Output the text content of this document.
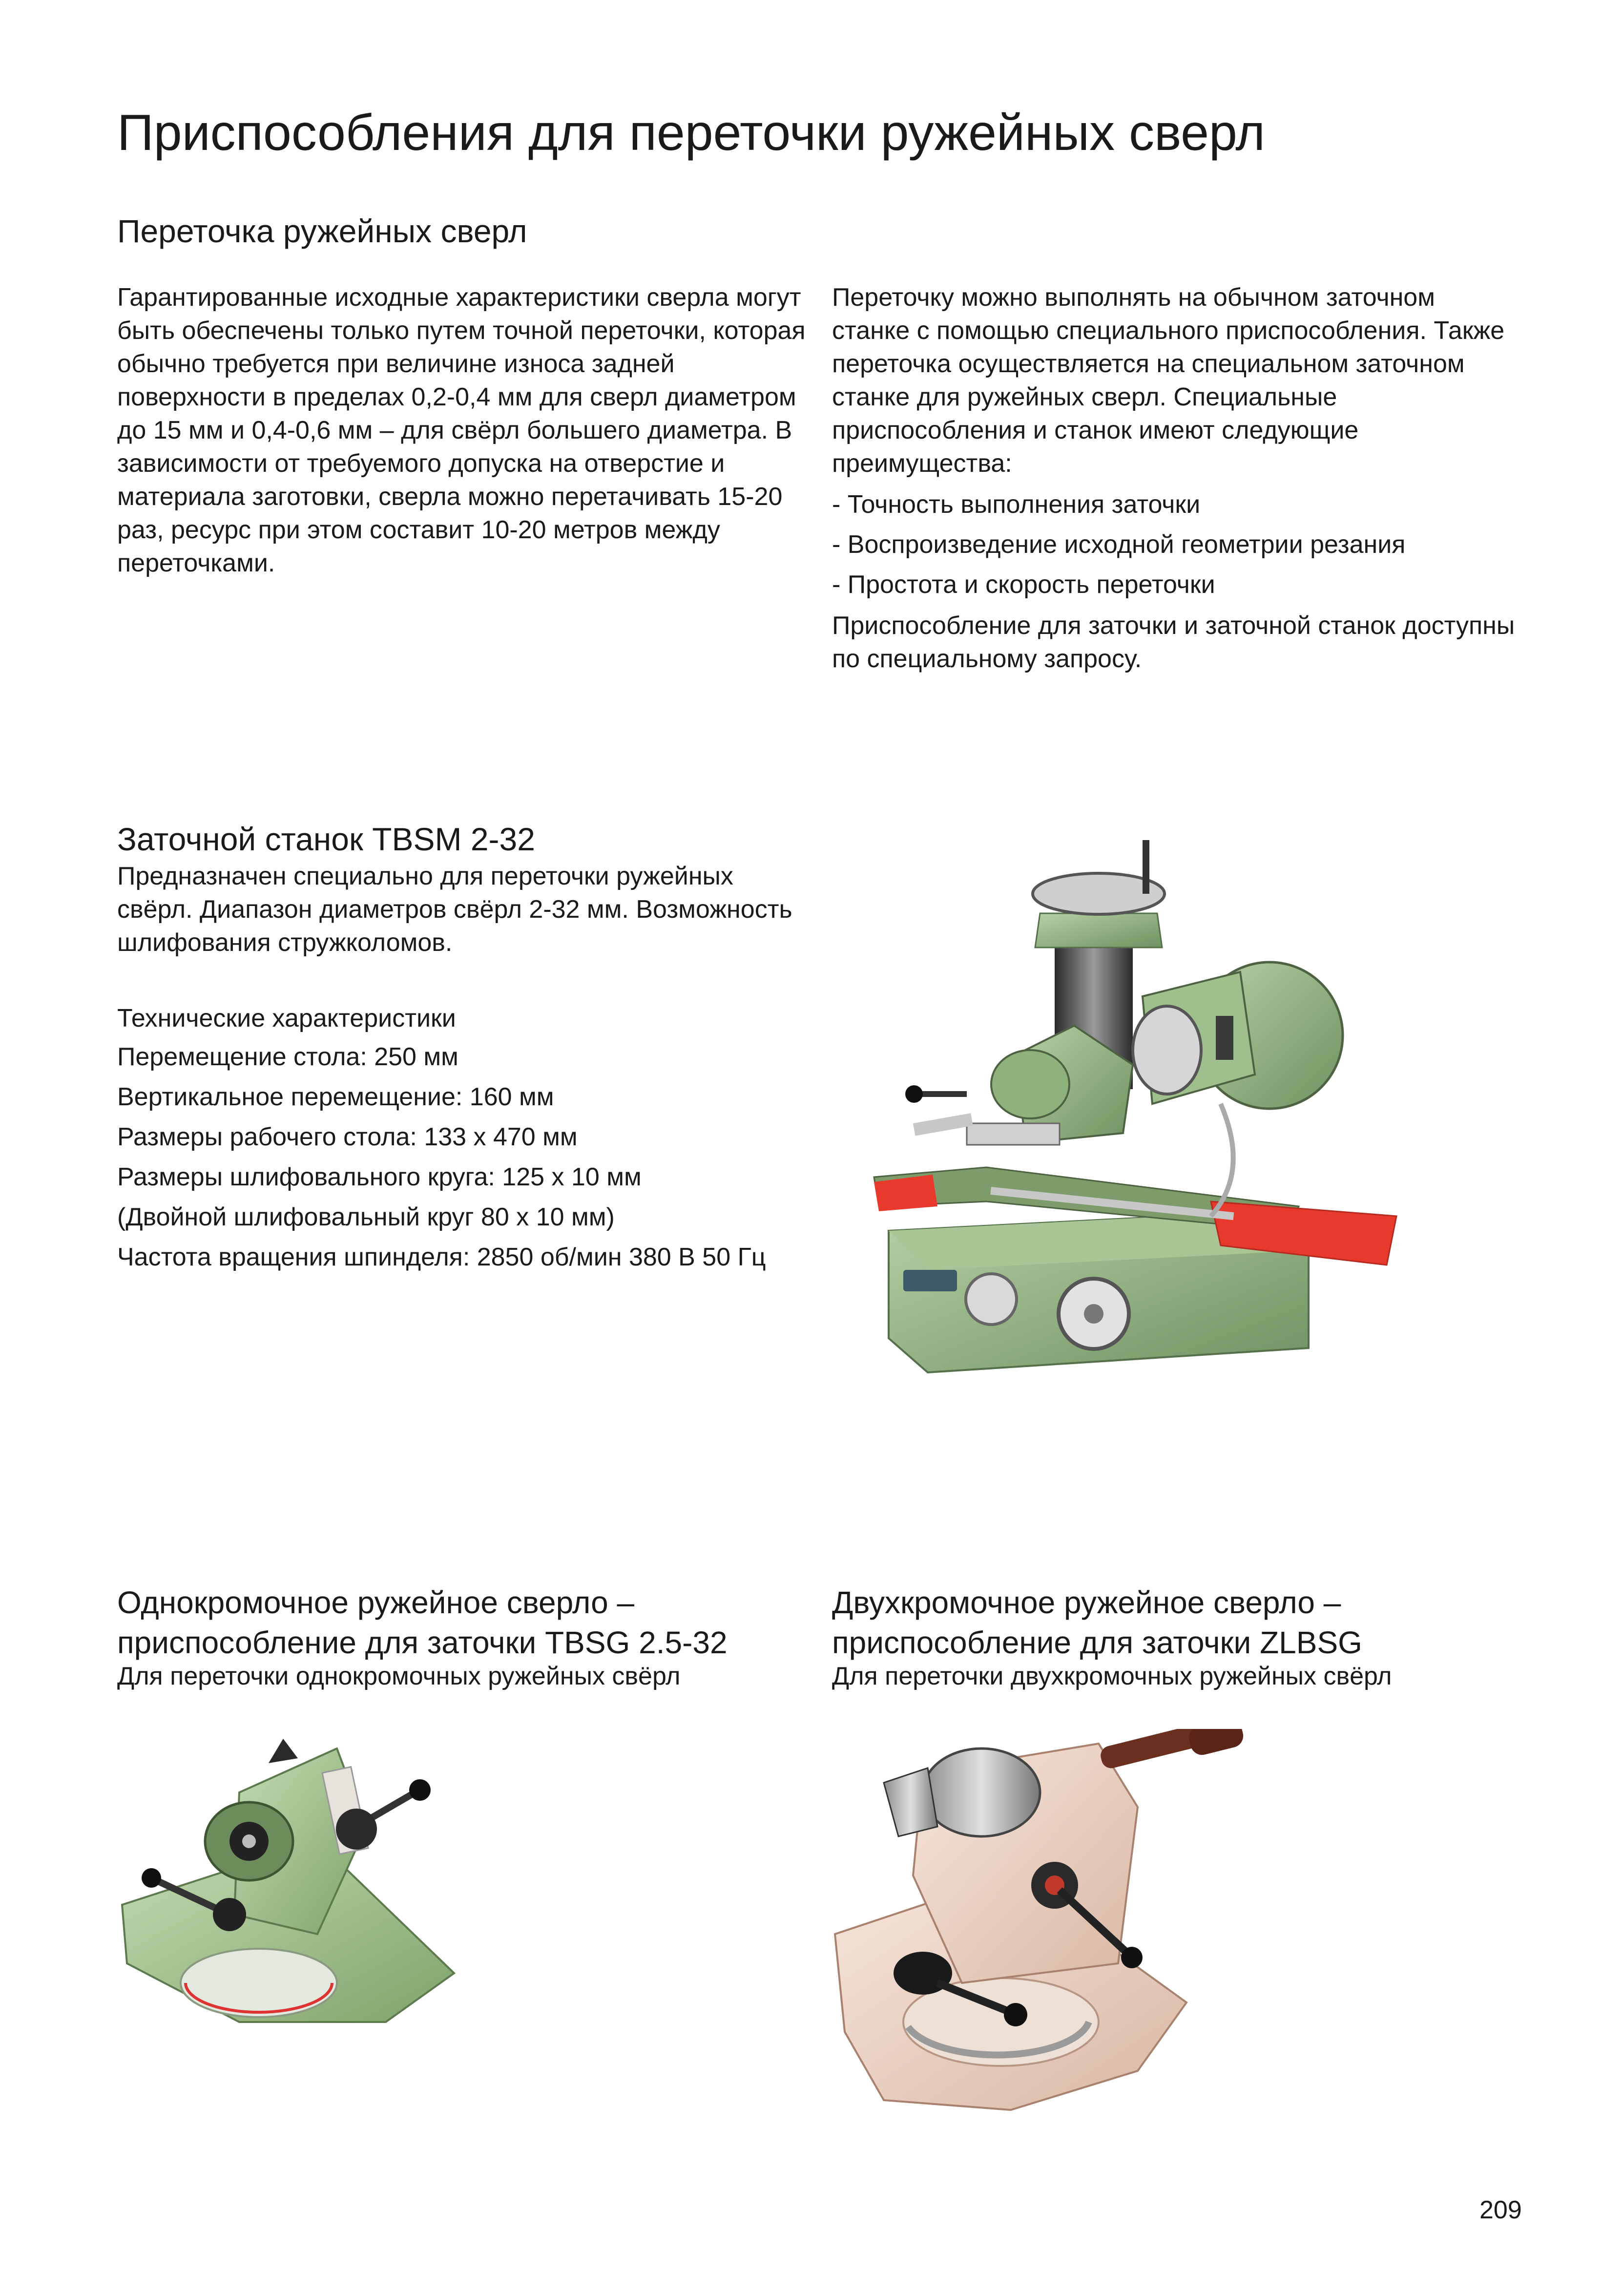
Приспособления для переточки ружейных сверл
Переточка ружейных сверл
Гарантированные исходные характеристики сверла могут быть обеспечены только путем точной переточки, которая обычно требуется при величине износа задней поверхности в пределах 0,2-0,4 мм для сверл диаметром до 15 мм и 0,4-0,6 мм – для свёрл большего диаметра. В зависимости от требуемого допуска на отверстие и материала заготовки, сверла можно перетачивать 15-20 раз, ресурс при этом составит 10-20 метров между переточками.

Переточку можно выполнять на обычном заточном станке с помощью специального приспособления. Также переточка осуществляется на специальном заточном станке для ружейных сверл. Специальные приспособления и станок имеют следующие преимущества:

- Точность выполнения заточки
- Воспроизведение исходной геометрии резания
- Простота и скорость переточки

Приспособление для заточки и заточной станок доступны по специальному запросу.

Заточной станок TBSM 2-32
Предназначен специально для переточки ружейных свёрл. Диапазон диаметров свёрл 2-32 мм. Возможность шлифования стружколомов.
Технические характеристики
Перемещение стола: 250 мм
Вертикальное перемещение: 160 мм
Размеры рабочего стола: 133 x 470 мм
Размеры шлифовального круга: 125 x 10 мм
(Двойной шлифовальный круг 80 x 10 мм)
Частота вращения шпинделя: 2850 об/мин 380 В 50 Гц
Однокромочное ружейное сверло – приспособление для заточки TBSG 2.5-32
Для переточки однокромочных ружейных свёрл
Двухкромочное ружейное сверло – приспособление для заточки ZLBSG
Для переточки двухкромочных ружейных свёрл
209
